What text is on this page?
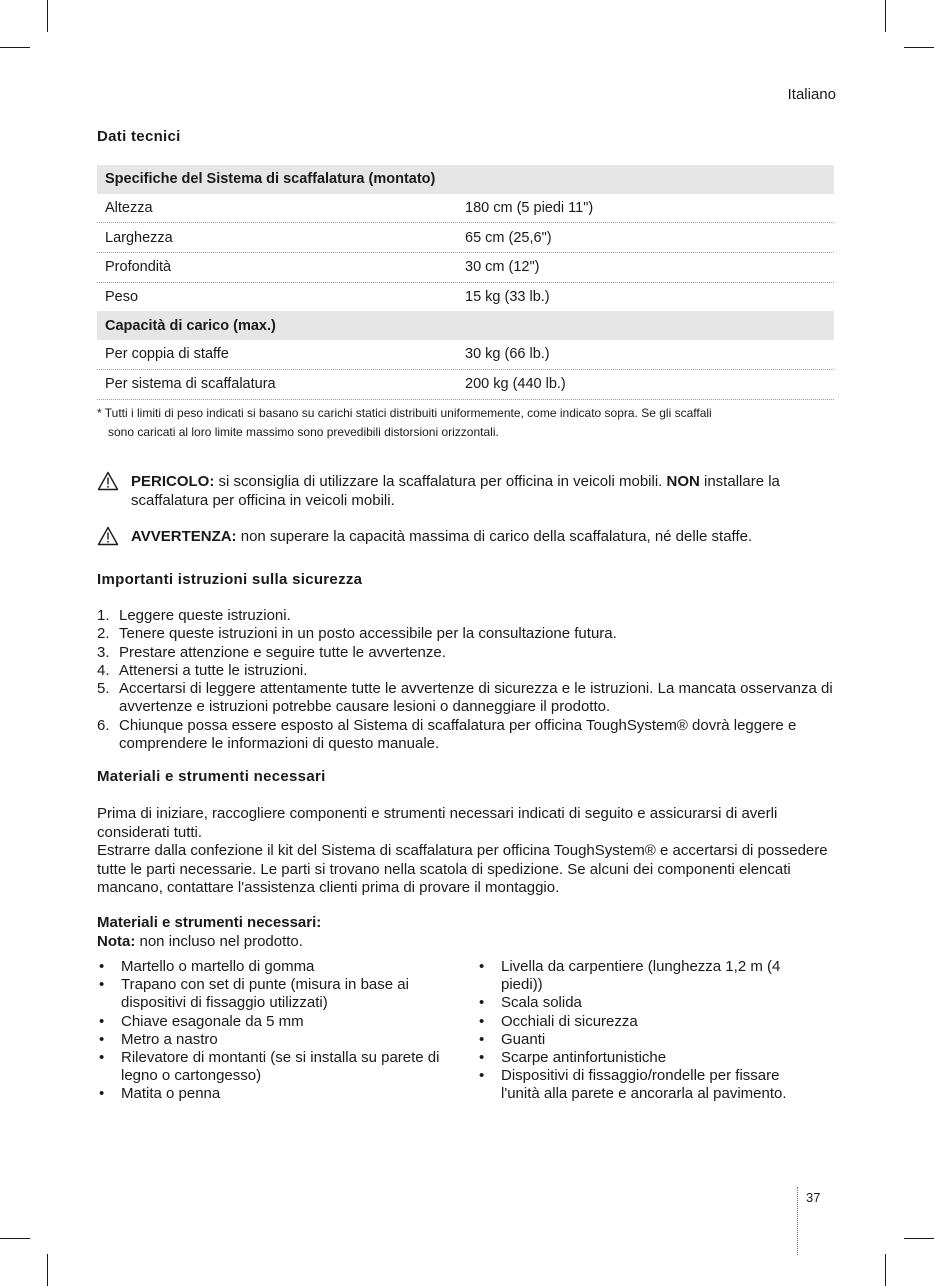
Italiano
Dati tecnici
Specifiche del Sistema di scaffalatura (montato)
Altezza	180 cm (5 piedi 11")
Larghezza	65 cm (25,6")
Profondità	30 cm (12")
Peso	15 kg (33 lb.)
Capacità di carico (max.)
Per coppia di staffe	30 kg (66 lb.)
Per sistema di scaffalatura	200 kg (440 lb.)
* Tutti i limiti di peso indicati si basano su carichi statici distribuiti uniformemente, come indicato sopra. Se gli scaffali
sono caricati al loro limite massimo sono prevedibili distorsioni orizzontali.
PERICOLO: si sconsiglia di utilizzare la scaffalatura per officina in veicoli mobili. NON installare la scaffalatura per officina in veicoli mobili.
AVVERTENZA: non superare la capacità massima di carico della scaffalatura, né delle staffe.
Importanti istruzioni sulla sicurezza
1. Leggere queste istruzioni.
2. Tenere queste istruzioni in un posto accessibile per la consultazione futura.
3. Prestare attenzione e seguire tutte le avvertenze.
4. Attenersi a tutte le istruzioni.
5. Accertarsi di leggere attentamente tutte le avvertenze di sicurezza e le istruzioni. La mancata osservanza di avvertenze e istruzioni potrebbe causare lesioni o danneggiare il prodotto.
6. Chiunque possa essere esposto al Sistema di scaffalatura per officina ToughSystem® dovrà leggere e comprendere le informazioni di questo manuale.
Materiali e strumenti necessari

Prima di iniziare, raccogliere componenti e strumenti necessari indicati di seguito e assicurarsi di averli considerati tutti.

Estrarre dalla confezione il kit del Sistema di scaffalatura per officina ToughSystem® e accertarsi di possedere tutte le parti necessarie. Le parti si trovano nella scatola di spedizione. Se alcuni dei componenti elencati mancano, contattare l'assistenza clienti prima di provare il montaggio.

Materiali e strumenti necessari:
Nota: non incluso nel prodotto.
• Martello o martello di gomma
• Trapano con set di punte (misura in base ai dispositivi di fissaggio utilizzati)
• Chiave esagonale da 5 mm
• Metro a nastro
• Rilevatore di montanti (se si installa su parete di legno o cartongesso)
• Matita o penna
• Livella da carpentiere (lunghezza 1,2 m (4 piedi))
• Scala solida
• Occhiali di sicurezza
• Guanti
• Scarpe antinfortunistiche
• Dispositivi di fissaggio/rondelle per fissare l'unità alla parete e ancorarla al pavimento.
37
